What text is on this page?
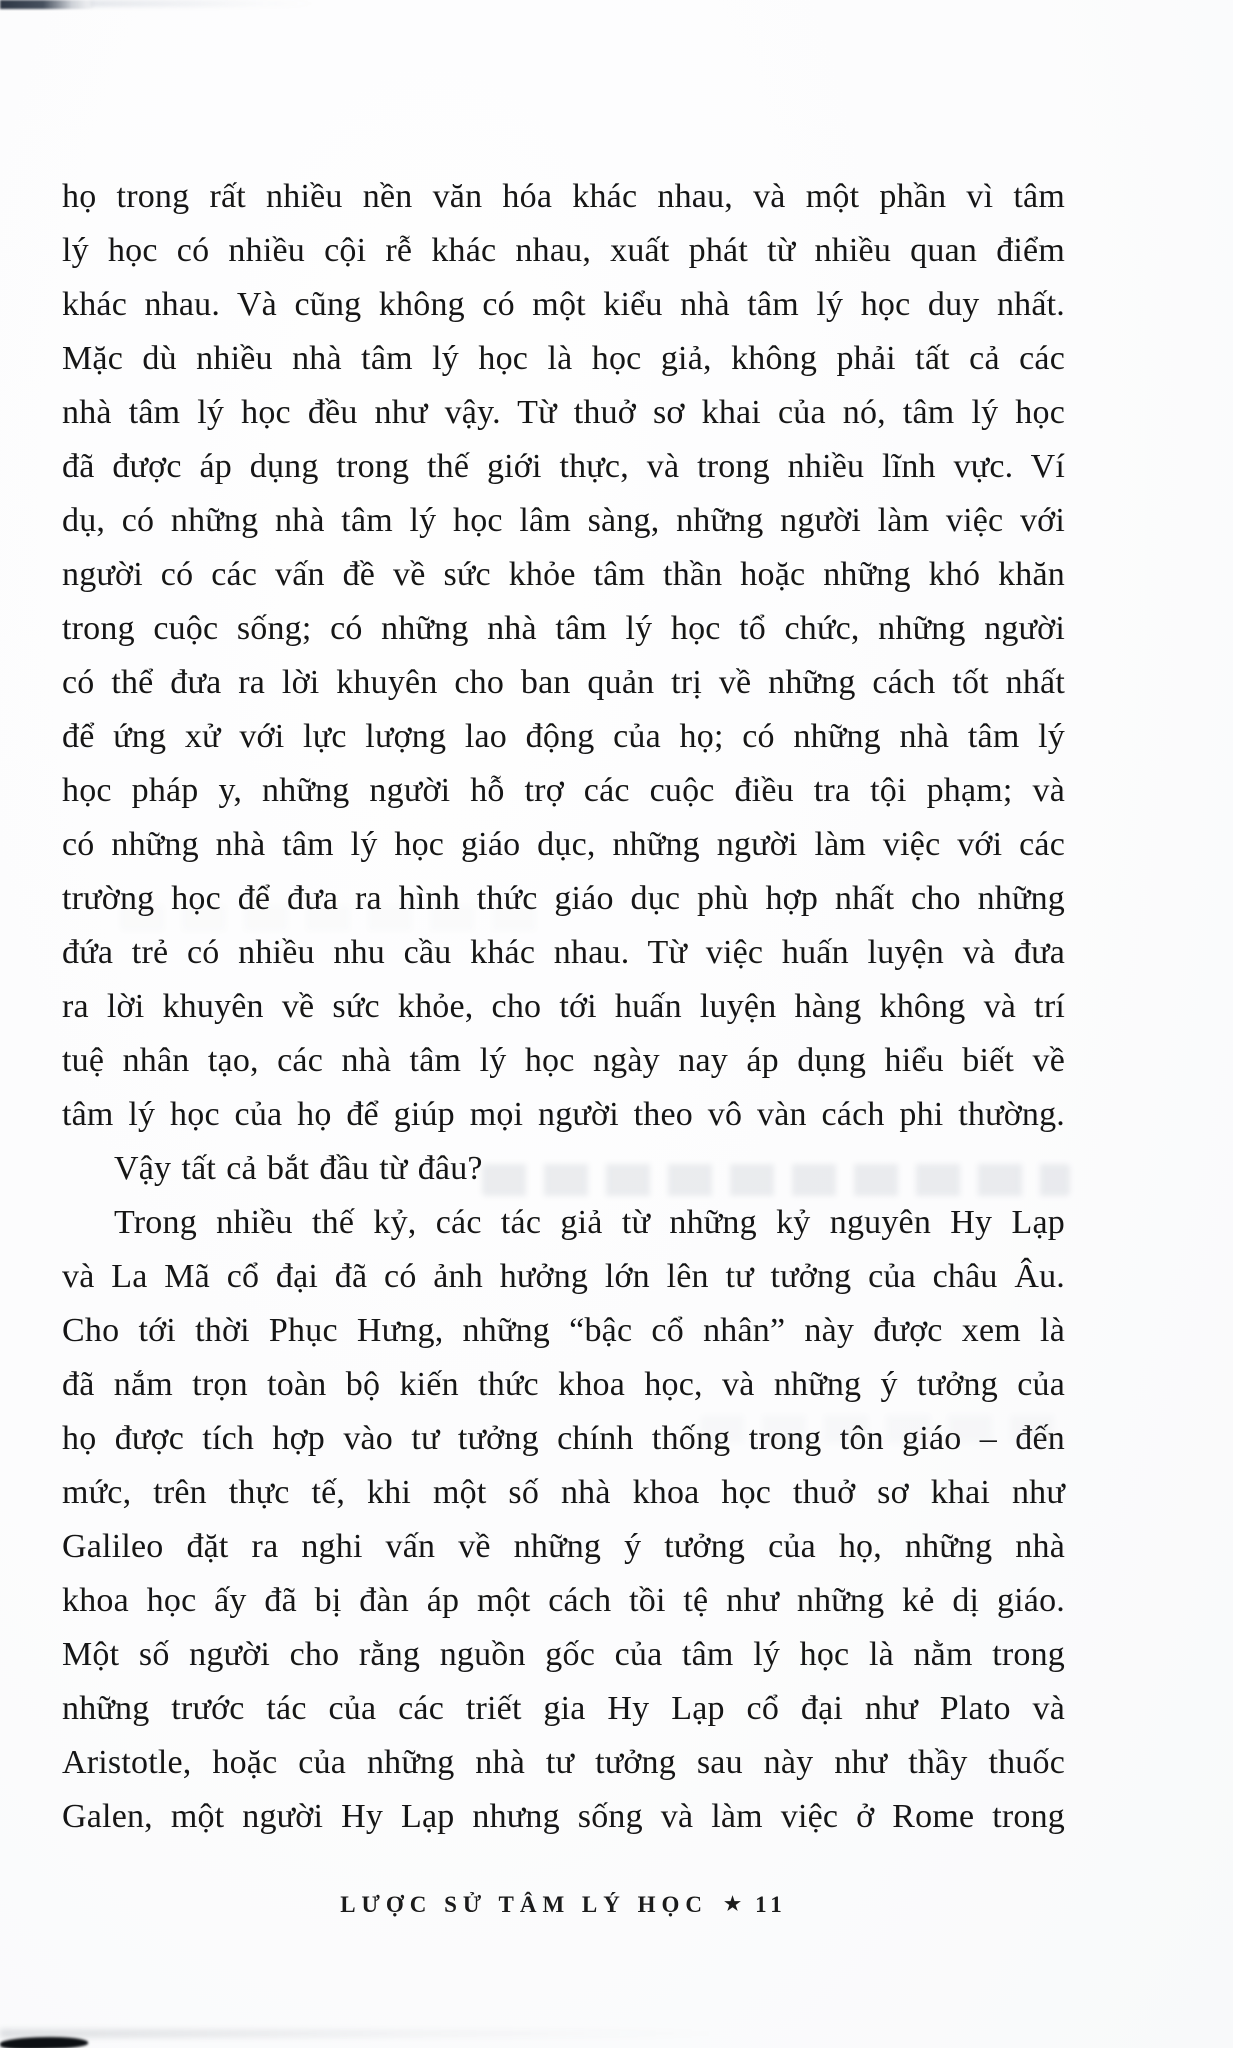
họ trong rất nhiều nền văn hóa khác nhau, và một phần vì tâm
lý học có nhiều cội rễ khác nhau, xuất phát từ nhiều quan điểm
khác nhau. Và cũng không có một kiểu nhà tâm lý học duy nhất.
Mặc dù nhiều nhà tâm lý học là học giả, không phải tất cả các
nhà tâm lý học đều như vậy. Từ thuở sơ khai của nó, tâm lý học
đã được áp dụng trong thế giới thực, và trong nhiều lĩnh vực. Ví
dụ, có những nhà tâm lý học lâm sàng, những người làm việc với
người có các vấn đề về sức khỏe tâm thần hoặc những khó khăn
trong cuộc sống; có những nhà tâm lý học tổ chức, những người
có thể đưa ra lời khuyên cho ban quản trị về những cách tốt nhất
để ứng xử với lực lượng lao động của họ; có những nhà tâm lý
học pháp y, những người hỗ trợ các cuộc điều tra tội phạm; và
có những nhà tâm lý học giáo dục, những người làm việc với các
trường học để đưa ra hình thức giáo dục phù hợp nhất cho những
đứa trẻ có nhiều nhu cầu khác nhau. Từ việc huấn luyện và đưa
ra lời khuyên về sức khỏe, cho tới huấn luyện hàng không và trí
tuệ nhân tạo, các nhà tâm lý học ngày nay áp dụng hiểu biết về
tâm lý học của họ để giúp mọi người theo vô vàn cách phi thường.
Vậy tất cả bắt đầu từ đâu?
Trong nhiều thế kỷ, các tác giả từ những kỷ nguyên Hy Lạp
và La Mã cổ đại đã có ảnh hưởng lớn lên tư tưởng của châu Âu.
Cho tới thời Phục Hưng, những “bậc cổ nhân” này được xem là
đã nắm trọn toàn bộ kiến thức khoa học, và những ý tưởng của
họ được tích hợp vào tư tưởng chính thống trong tôn giáo – đến
mức, trên thực tế, khi một số nhà khoa học thuở sơ khai như
Galileo đặt ra nghi vấn về những ý tưởng của họ, những nhà
khoa học ấy đã bị đàn áp một cách tồi tệ như những kẻ dị giáo.
Một số người cho rằng nguồn gốc của tâm lý học là nằm trong
những trước tác của các triết gia Hy Lạp cổ đại như Plato và
Aristotle, hoặc của những nhà tư tưởng sau này như thầy thuốc
Galen, một người Hy Lạp nhưng sống và làm việc ở Rome trong
LƯỢC SỬ TÂM LÝ HỌC ★ 11
